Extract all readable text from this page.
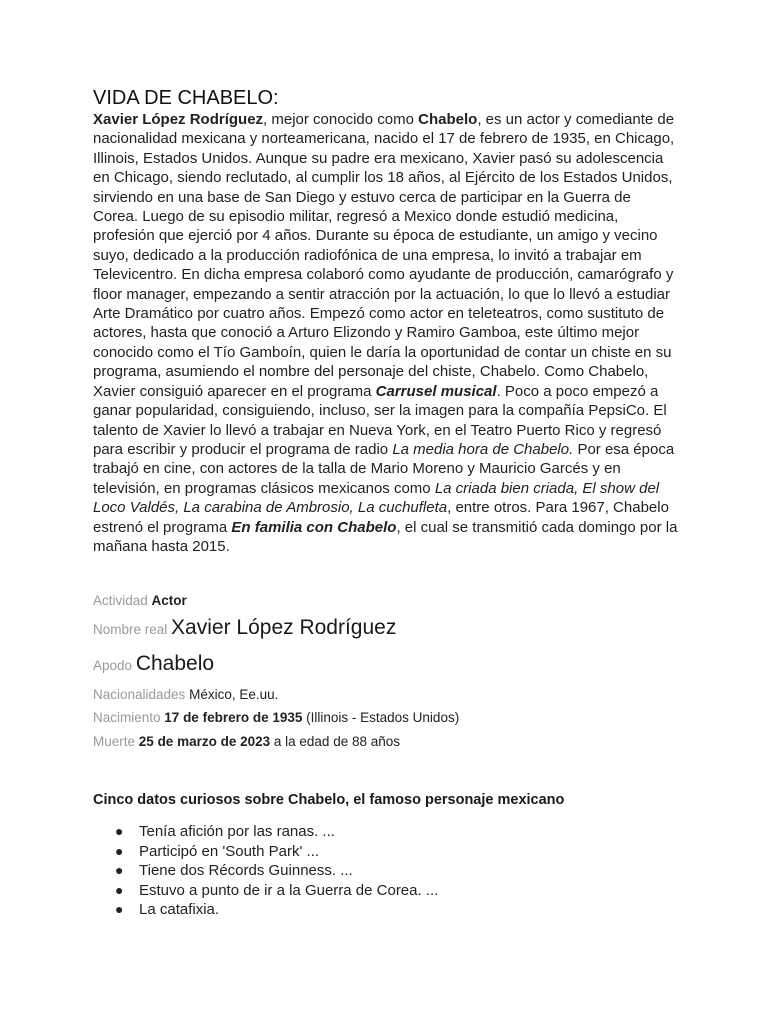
VIDA DE CHABELO:
Xavier López Rodríguez, mejor conocido como Chabelo, es un actor y comediante de nacionalidad mexicana y norteamericana, nacido el 17 de febrero de 1935, en Chicago, Illinois, Estados Unidos. Aunque su padre era mexicano, Xavier pasó su adolescencia en Chicago, siendo reclutado, al cumplir los 18 años, al Ejército de los Estados Unidos, sirviendo en una base de San Diego y estuvo cerca de participar en la Guerra de Corea. Luego de su episodio militar, regresó a Mexico donde estudió medicina, profesión que ejerció por 4 años. Durante su época de estudiante, un amigo y vecino suyo, dedicado a la producción radiofónica de una empresa, lo invitó a trabajar em Televicentro. En dicha empresa colaboró como ayudante de producción, camarógrafo y floor manager, empezando a sentir atracción por la actuación, lo que lo llevó a estudiar Arte Dramático por cuatro años. Empezó como actor en teleteatros, como sustituto de actores, hasta que conoció a Arturo Elizondo y Ramiro Gamboa, este último mejor conocido como el Tío Gamboín, quien le daría la oportunidad de contar un chiste en su programa, asumiendo el nombre del personaje del chiste, Chabelo. Como Chabelo, Xavier consiguió aparecer en el programa Carrusel musical. Poco a poco empezó a ganar popularidad, consiguiendo, incluso, ser la imagen para la compañía PepsiCo. El talento de Xavier lo llevó a trabajar en Nueva York, en el Teatro Puerto Rico y regresó para escribir y producir el programa de radio La media hora de Chabelo. Por esa época trabajó en cine, con actores de la talla de Mario Moreno y Mauricio Garcés y en televisión, en programas clásicos mexicanos como La criada bien criada, El show del Loco Valdés, La carabina de Ambrosio, La cuchufleta, entre otros. Para 1967, Chabelo estrenó el programa En familia con Chabelo, el cual se transmitió cada domingo por la mañana hasta 2015.
Actividad Actor
Nombre real Xavier López Rodríguez
Apodo Chabelo
Nacionalidades México, Ee.uu.
Nacimiento 17 de febrero de 1935 (Illinois - Estados Unidos)
Muerte 25 de marzo de 2023 a la edad de 88 años
Cinco datos curiosos sobre Chabelo, el famoso personaje mexicano
● Tenía afición por las ranas. ...
● Participó en 'South Park' ...
● Tiene dos Récords Guinness. ...
● Estuvo a punto de ir a la Guerra de Corea. ...
● La catafixia.
